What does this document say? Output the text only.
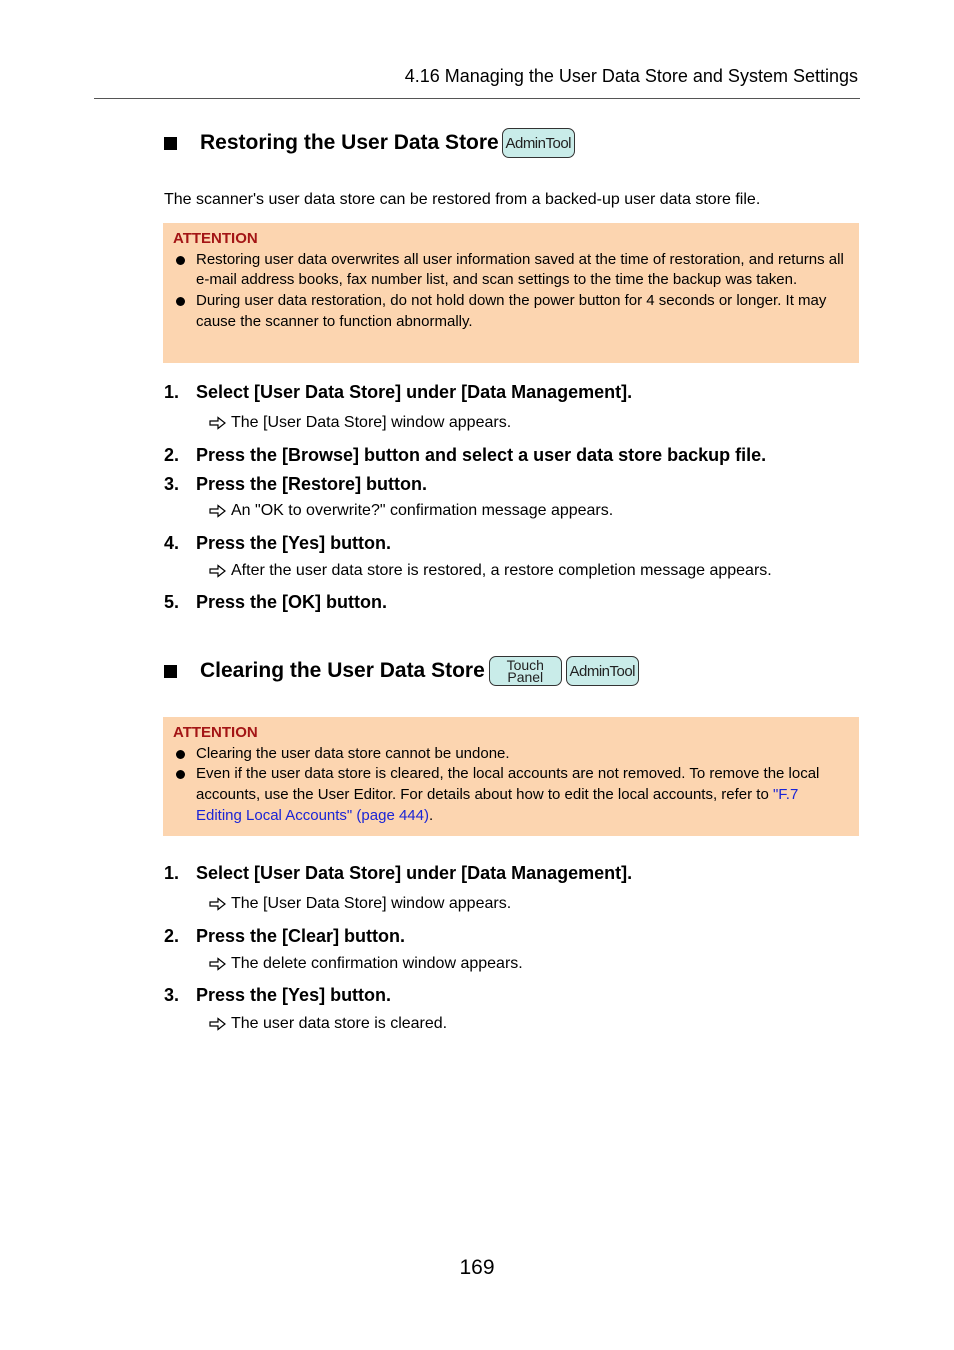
4.16 Managing the User Data Store and System Settings
Restoring the User Data Store AdminTool
The scanner's user data store can be restored from a backed-up user data store file.
ATTENTION
Restoring user data overwrites all user information saved at the time of restoration, and returns all e-mail address books, fax number list, and scan settings to the time the backup was taken.
During user data restoration, do not hold down the power button for 4 seconds or longer. It may cause the scanner to function abnormally.
1. Select [User Data Store] under [Data Management].
The [User Data Store] window appears.
2. Press the [Browse] button and select a user data store backup file.
3. Press the [Restore] button.
An "OK to overwrite?" confirmation message appears.
4. Press the [Yes] button.
After the user data store is restored, a restore completion message appears.
5. Press the [OK] button.
Clearing the User Data Store Touch
Panel AdminTool
ATTENTION
Clearing the user data store cannot be undone.
Even if the user data store is cleared, the local accounts are not removed. To remove the local accounts, use the User Editor. For details about how to edit the local accounts, refer to "F.7 Editing Local Accounts" (page 444).
1. Select [User Data Store] under [Data Management].
The [User Data Store] window appears.
2. Press the [Clear] button.
The delete confirmation window appears.
3. Press the [Yes] button.
The user data store is cleared.
169
